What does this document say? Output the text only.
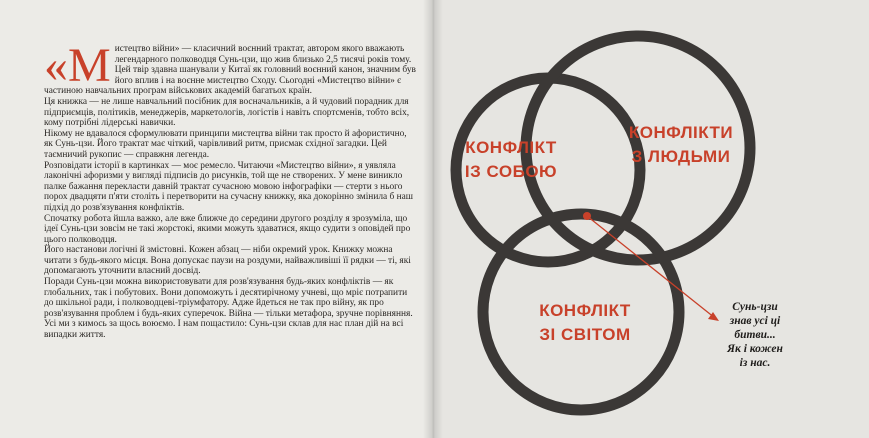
«М истецтво війни» — класичний воєнний трактат, автором якого вважають легендарного полководця Сунь-цзи, що жив близько 2,5 тисячі років тому. Цей твір здавна шанували у Китаї як головний воєнний канон, значним був його вплив і на воєнне мистецтво Сходу. Сьогодні «Мистецтво війни» є частиною навчальних програм військових академій багатьох країн.

Ця книжка — не лише навчальний посібник для восначальників, а й чудовий порадник для підприємців, політиків, менеджерів, маркетологів, логістів і навіть спортсменів, тобто всіх, кому потрібні лідерські навички.

Нікому не вдавалося сформулювати принципи мистецтва війни так просто й афористично, як Сунь-цзи. Його трактат має чіткий, чарівливий ритм, присмак східної загадки. Цей таємничий рукопис — справжня легенда.

Розповідати історії в картинках — моє ремесло. Читаючи «Мистецтво війни», я уявляла лаконічні афоризми у вигляді підписів до рисунків, той ще не створених. У мене виникло палке бажання перекласти давній трактат сучасною мовою інфографіки — стерти з нього порох двадцяти п'яти століть і перетворити на сучасну книжку, яка докорінно змінила б наш підхід до розв'язування конфліктів.

Спочатку робота йшла важко, але вже ближче до середини другого розділу я зрозуміла, що ідеї Сунь-цзи зовсім не такі жорстокі, якими можуть здаватися, якщо судити з оповідей про цього полководця.

Його настанови логічні й змістовні. Кожен абзац — ніби окремий урок. Книжку можна читати з будь-якого місця. Вона допускає паузи на роздуми, найважливіші її рядки — ті, які допомагають уточнити власний досвід.

Поради Сунь-цзи можна використовувати для розв'язування будь-яких конфліктів — як глобальних, так і побутових. Вони допоможуть і десятирічному учневі, що мріє потрапити до шкільної ради, і полководцеві-тріумфатору. Адже йдеться не так про війну, як про розв'язування проблем і будь-яких суперечок. Війна — тільки метафора, зручне порівняння.

Усі ми з кимось за щось воюємо. І нам пощастило: Сунь-цзи склав для нас план дій на всі випадки життя.

КОНФЛІКТ
ІЗ СОБОЮ
КОНФЛІКТИ
З ЛЮДЬМИ
КОНФЛІКТ
ЗІ СВІТОМ
Сунь-цзи
знав усі ці
битви...
Як і кожен
із нас.
